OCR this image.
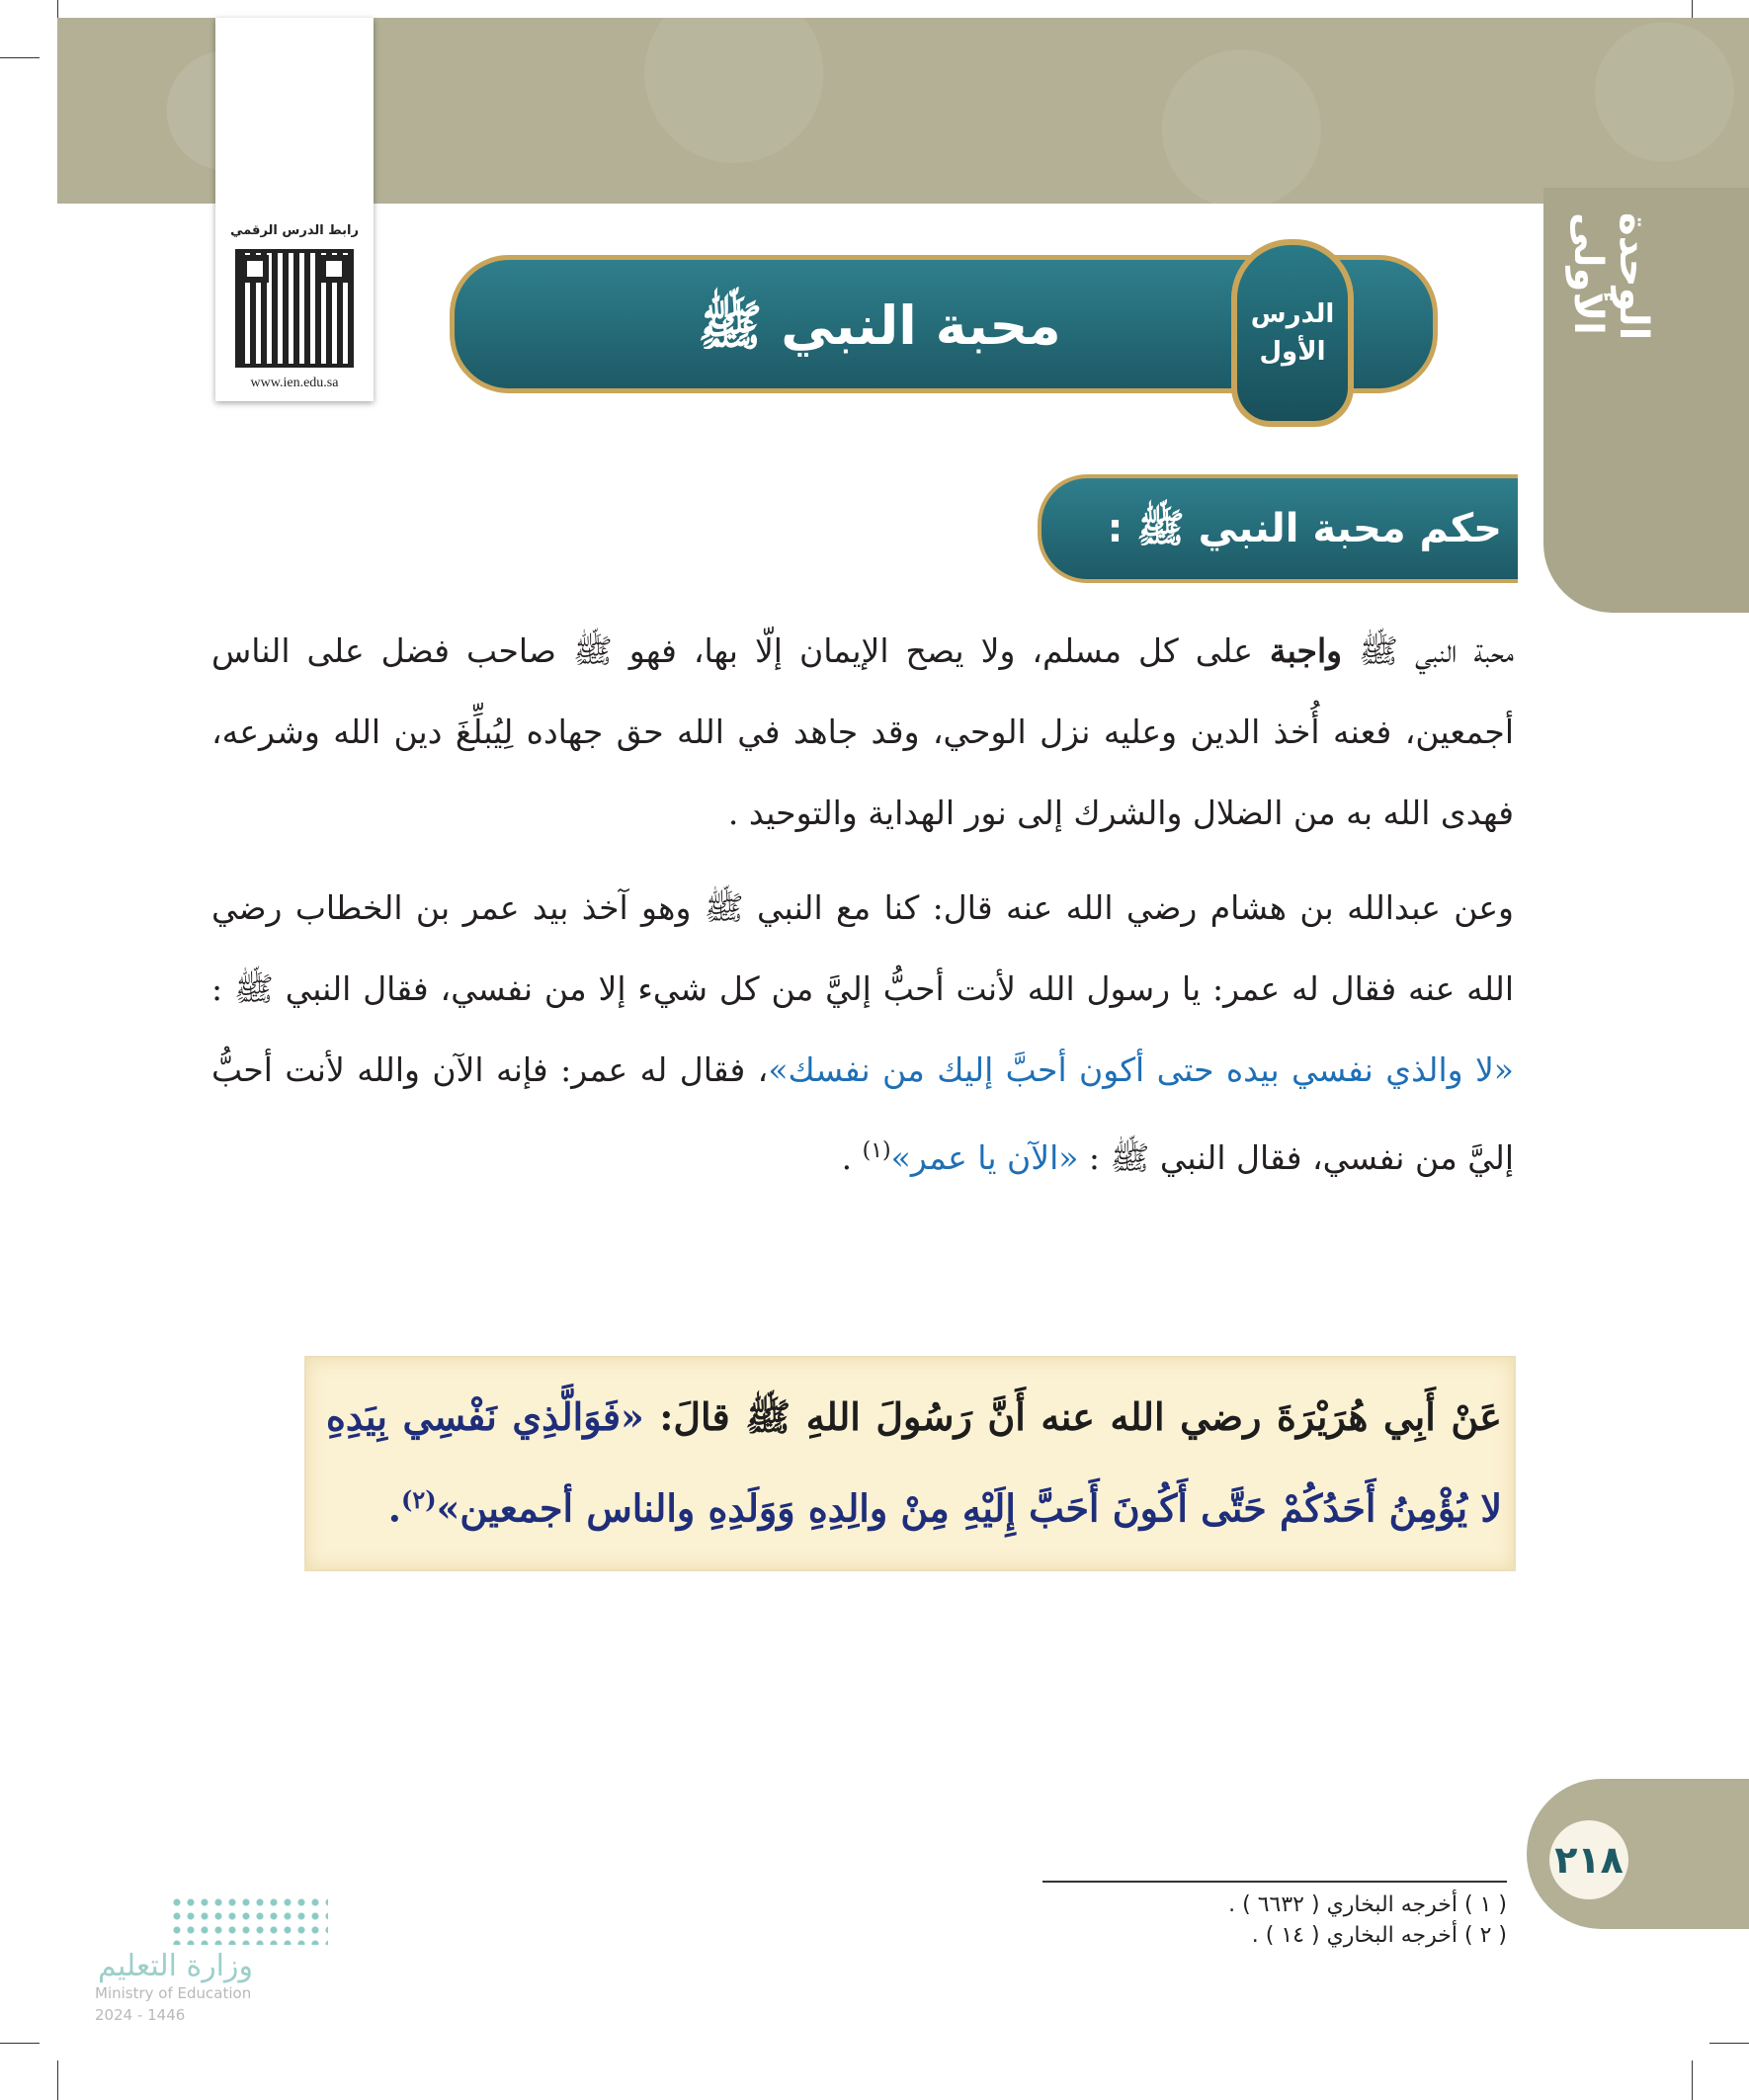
الوحدة الأولى
رابط الدرس الرقمي
www.ien.edu.sa
محبة النبي ﷺ	الدرس
الأول
حكم محبة النبي ﷺ :
محبة النبي ﷺ واجبة على كل مسلم، ولا يصح الإيمان إلّا بها، فهو ﷺ صاحب فضل على الناس أجمعين، فعنه أُخذ الدين وعليه نزل الوحي، وقد جاهد في الله حق جهاده لِيُبلِّغَ دين الله وشرعه، فهدى الله به من الضلال والشرك إلى نور الهداية والتوحيد .
وعن عبدالله بن هشام رضي الله عنه قال: كنا مع النبي ﷺ وهو آخذ بيد عمر بن الخطاب رضي الله عنه فقال له عمر: يا رسول الله لأنت أحبُّ إليَّ من كل شيء إلا من نفسي، فقال النبي ﷺ : «لا والذي نفسي بيده حتى أكون أحبَّ إليك من نفسك»، فقال له عمر: فإنه الآن والله لأنت أحبُّ إليَّ من نفسي، فقال النبي ﷺ : «الآن يا عمر»$^{(١)}$ .
عَنْ أَبِي هُرَيْرَةَ رضي الله عنه أَنَّ رَسُولَ اللهِ ﷺ قالَ: «فَوَالَّذِي نَفْسِي بِيَدِهِ لا يُؤْمِنُ أَحَدُكُمْ حَتَّى أَكُونَ أَحَبَّ إِلَيْهِ مِنْ والِدِهِ وَوَلَدِهِ والناس أجمعين»$^{(٢)}$.
( ١ ) أخرجه البخاري ( ٦٦٣٢ ) .
( ٢ ) أخرجه البخاري ( ١٤ ) .
٢١٨
وزارة التعليم
Ministry of Education
2024 - 1446
